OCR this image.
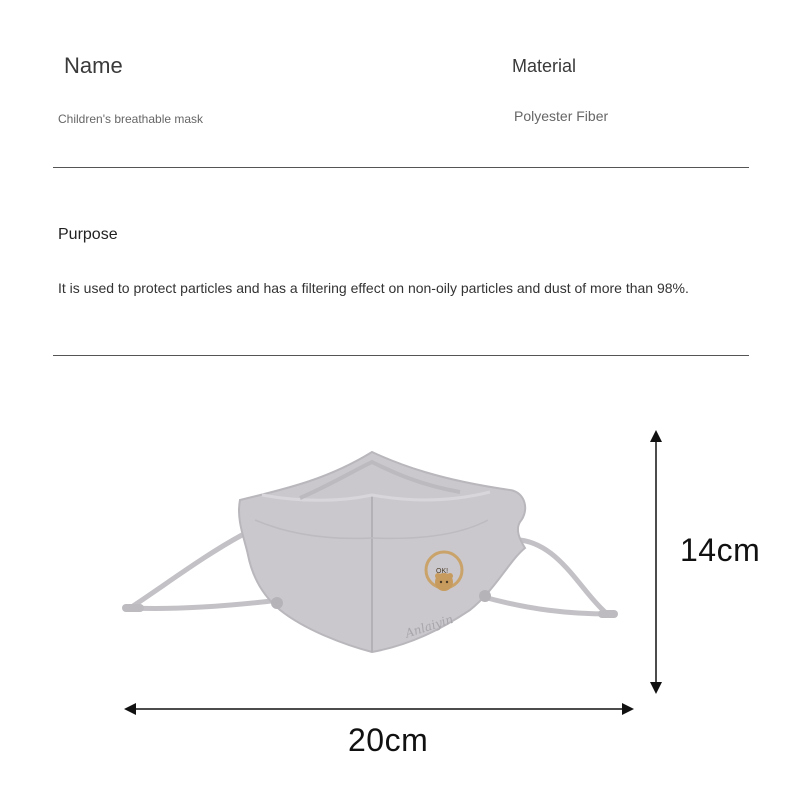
Name	Material
Children's breathable mask	Polyester Fiber
Purpose
It is used to protect particles and has a filtering effect on non-oily particles and dust of more than 98%.
OK!
Anlaiyin
14cm
20cm
